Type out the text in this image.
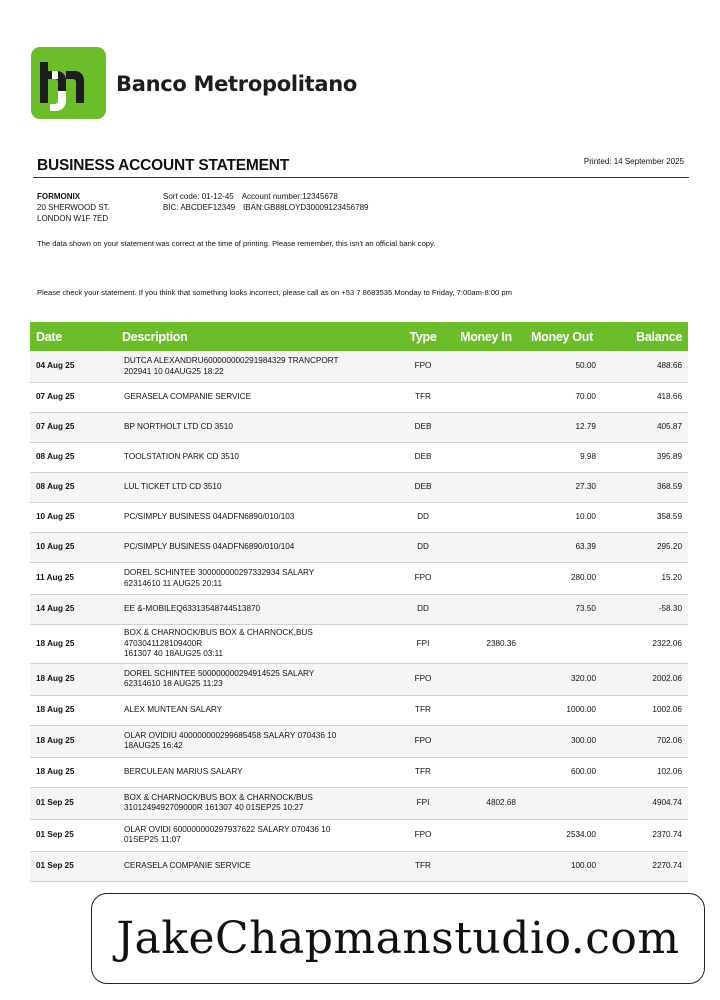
Banco Metropolitano
BUSINESS ACCOUNT STATEMENT	Printed: 14 September 2025
FORMONIX
20 SHERWOOD ST.
LONDON W1F 7ED
Sort code: 01-12-45 Account number:12345678
BIC: ABCDEF12349 IBAN:GB88LOYD30009123456789
The data shown on your statement was correct at the time of printing. Please remember, this isn't an official bank copy.
Please check your statement. If you think that something looks incorrect, please call as on +53 7 8683535 Monday to Friday, 7:00am-8:00 pm
Date	Description	Type	Money In	Money Out	Balance
04 Aug 25	DUTCA ALEXANDRU600000000291984329 TRANCPORT
202941 10 04AUG25 18:22	FPO		50.00	488.66
07 Aug 25	GERASELA COMPANIE SERVICE	TFR		70.00	418.66
07 Aug 25	BP NORTHOLT LTD CD 3510	DEB		12.79	405.87
08 Aug 25	TOOLSTATION PARK CD 3510	DEB		9.98	395.89
08 Aug 25	LUL TICKET LTD CD 3510	DEB		27.30	368.59
10 Aug 25	PC/SIMPLY BUSINESS 04ADFN6890/010/103	DD		10.00	358.59
10 Aug 25	PC/SIMPLY BUSINESS 04ADFN6890/010/104	DD		63.39	295.20
11 Aug 25	DOREL SCHINTEE 300000000297332934 SALARY
62314610 11 AUG25 20:11	FPO		280.00	15.20
14 Aug 25	EE &-MOBILEQ63313548744513870	DD		73.50	-58.30
18 Aug 25	BOX & CHARNOCK/BUS BOX & CHARNOCK,BUS 4703041128109400R
161307 40 18AUG25 03:11	FPI	2380.36		2322.06
18 Aug 25	DOREL SCHINTEE 500000000294914525 SALARY
62314610 18 AUG25 11:23	FPO		320.00	2002.06
18 Aug 25	ALEX MUNTEAN SALARY	TFR		1000.00	1002.06
18 Aug 25	OLAR OVIDIU 400000000299685458 SALARY 070436 10
18AUG25 16:42	FPO		300.00	702.06
18 Aug 25	BERCULEAN MARIUS SALARY	TFR		600.00	102.06
01 Sep 25	BOX & CHARNOCK/BUS BOX & CHARNOCK/BUS
3101249492709000R 161307 40 01SEP25 10:27	FPI	4802.68		4904.74
01 Sep 25	OLAR OVIDI 600000000297937622 SALARY 070436 10
01SEP25 11:07	FPO		2534.00	2370.74
01 Sep 25	CERASELA COMPANIE SERVICE	TFR		100.00	2270.74
JakeChapmanstudio.com
